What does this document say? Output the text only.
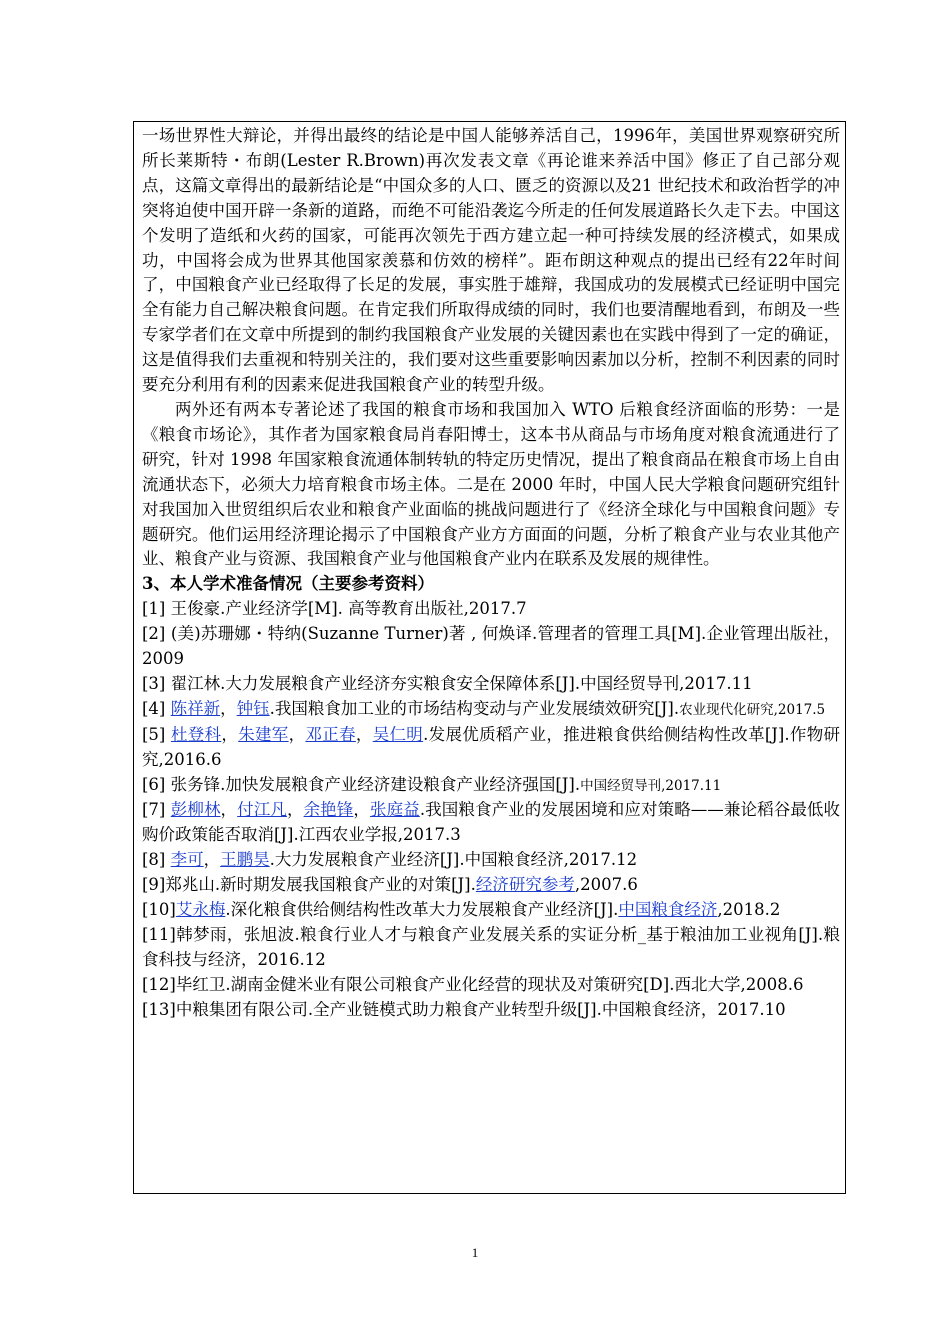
一场世界性大辩论，并得出最终的结论是中国人能够养活自己，1996年，美国世界观察研究所所长莱斯特・布朗(Lester R.Brown)再次发表文章《再论谁来养活中国》修正了自己部分观点，这篇文章得出的最新结论是“中国众多的人口、匮乏的资源以及21 世纪技术和政治哲学的冲突将迫使中国开辟一条新的道路，而绝不可能沿袭迄今所走的任何发展道路长久走下去。中国这个发明了造纸和火药的国家，可能再次领先于西方建立起一种可持续发展的经济模式，如果成功，中国将会成为世界其他国家羡慕和仿效的榜样”。距布朗这种观点的提出已经有22年时间了，中国粮食产业已经取得了长足的发展，事实胜于雄辩，我国成功的发展模式已经证明中国完全有能力自己解决粮食问题。在肯定我们所取得成绩的同时，我们也要清醒地看到，布朗及一些专家学者们在文章中所提到的制约我国粮食产业发展的关键因素也在实践中得到了一定的确证，这是值得我们去重视和特别关注的，我们要对这些重要影响因素加以分析，控制不利因素的同时要充分利用有利的因素来促进我国粮食产业的转型升级。

两外还有两本专著论述了我国的粮食市场和我国加入 WTO 后粮食经济面临的形势：一是《粮食市场论》，其作者为国家粮食局肖春阳博士，这本书从商品与市场角度对粮食流通进行了研究，针对 1998 年国家粮食流通体制转轨的特定历史情况，提出了粮食商品在粮食市场上自由流通状态下，必须大力培育粮食市场主体。二是在 2000 年时，中国人民大学粮食问题研究组针对我国加入世贸组织后农业和粮食产业面临的挑战问题进行了《经济全球化与中国粮食问题》专题研究。他们运用经济理论揭示了中国粮食产业方方面面的问题，分析了粮食产业与农业其他产业、粮食产业与资源、我国粮食产业与他国粮食产业内在联系及发展的规律性。

3、本人学术准备情况（主要参考资料）

[1] 王俊豪.产业经济学[M]. 高等教育出版社,2017.7

[2] (美)苏珊娜・特纳(Suzanne Turner)著 , 何焕译.管理者的管理工具[M].企业管理出版社，2009

[3] 翟江林.大力发展粮食产业经济夯实粮食安全保障体系[J].中国经贸导刊,2017.11

[4] 陈祥新，钟钰.我国粮食加工业的市场结构变动与产业发展绩效研究[J].农业现代化研究,2017.5

[5] 杜登科，朱建军，邓正春，吴仁明.发展优质稻产业，推进粮食供给侧结构性改革[J].作物研究,2016.6

[6] 张务锋.加快发展粮食产业经济建设粮食产业经济强国[J].中国经贸导刊,2017.11

[7] 彭柳林，付江凡，余艳锋，张庭益.我国粮食产业的发展困境和应对策略——兼论稻谷最低收购价政策能否取消[J].江西农业学报,2017.3

[8] 李可，王鹏昊.大力发展粮食产业经济[J].中国粮食经济,2017.12

[9]郑兆山.新时期发展我国粮食产业的对策[J].经济研究参考,2007.6

[10]艾永梅.深化粮食供给侧结构性改革大力发展粮食产业经济[J].中国粮食经济,2018.2

[11]韩梦雨，张旭波.粮食行业人才与粮食产业发展关系的实证分析_基于粮油加工业视角[J].粮食科技与经济，2016.12

[12]毕红卫.湖南金健米业有限公司粮食产业化经营的现状及对策研究[D].西北大学,2008.6

[13]中粮集团有限公司.全产业链模式助力粮食产业转型升级[J].中国粮食经济，2017.10

1
